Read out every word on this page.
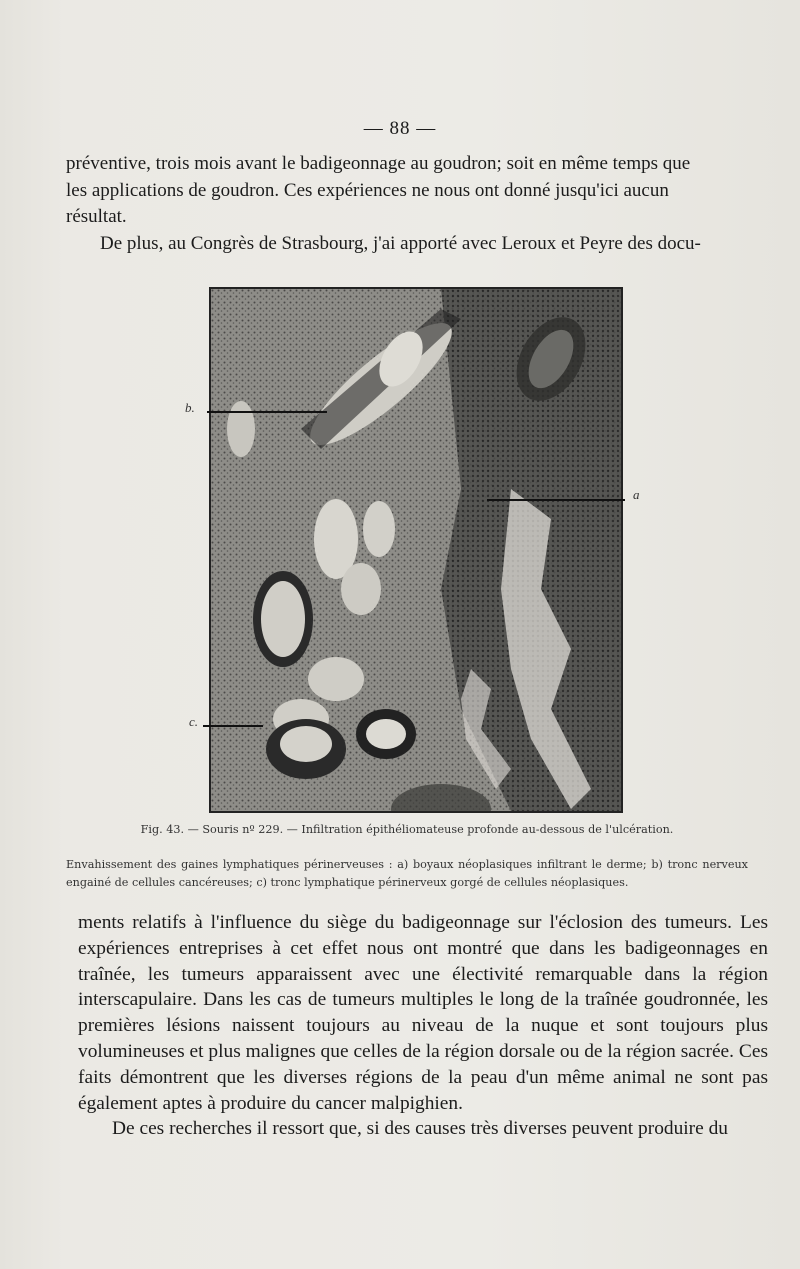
— 88 —
préventive, trois mois avant le badigeonnage au goudron; soit en même temps que
les applications de goudron. Ces expériences ne nous ont donné jusqu'ici aucun
résultat.
De plus, au Congrès de Strasbourg, j'ai apporté avec Leroux et Peyre des docu-
b.
a
c.
Fig. 43. — Souris nº 229. — Infiltration épithéliomateuse profonde au-dessous de l'ulcération.
Envahissement des gaines lymphatiques périnerveuses : a) boyaux néoplasiques infiltrant le derme; b) tronc nerveux engainé de cellules cancéreuses; c) tronc lymphatique périnerveux gorgé de cellules néoplasiques.
ments relatifs à l'influence du siège du badigeonnage sur l'éclosion des tumeurs. Les expériences entreprises à cet effet nous ont montré que dans les badigeonnages en traînée, les tumeurs apparaissent avec une électivité remarquable dans la région interscapulaire. Dans les cas de tumeurs multiples le long de la traînée goudronnée, les premières lésions naissent toujours au niveau de la nuque et sont toujours plus volumineuses et plus malignes que celles de la région dorsale ou de la région sacrée. Ces faits démontrent que les diverses régions de la peau d'un même animal ne sont pas également aptes à produire du cancer malpighien.
De ces recherches il ressort que, si des causes très diverses peuvent produire du
